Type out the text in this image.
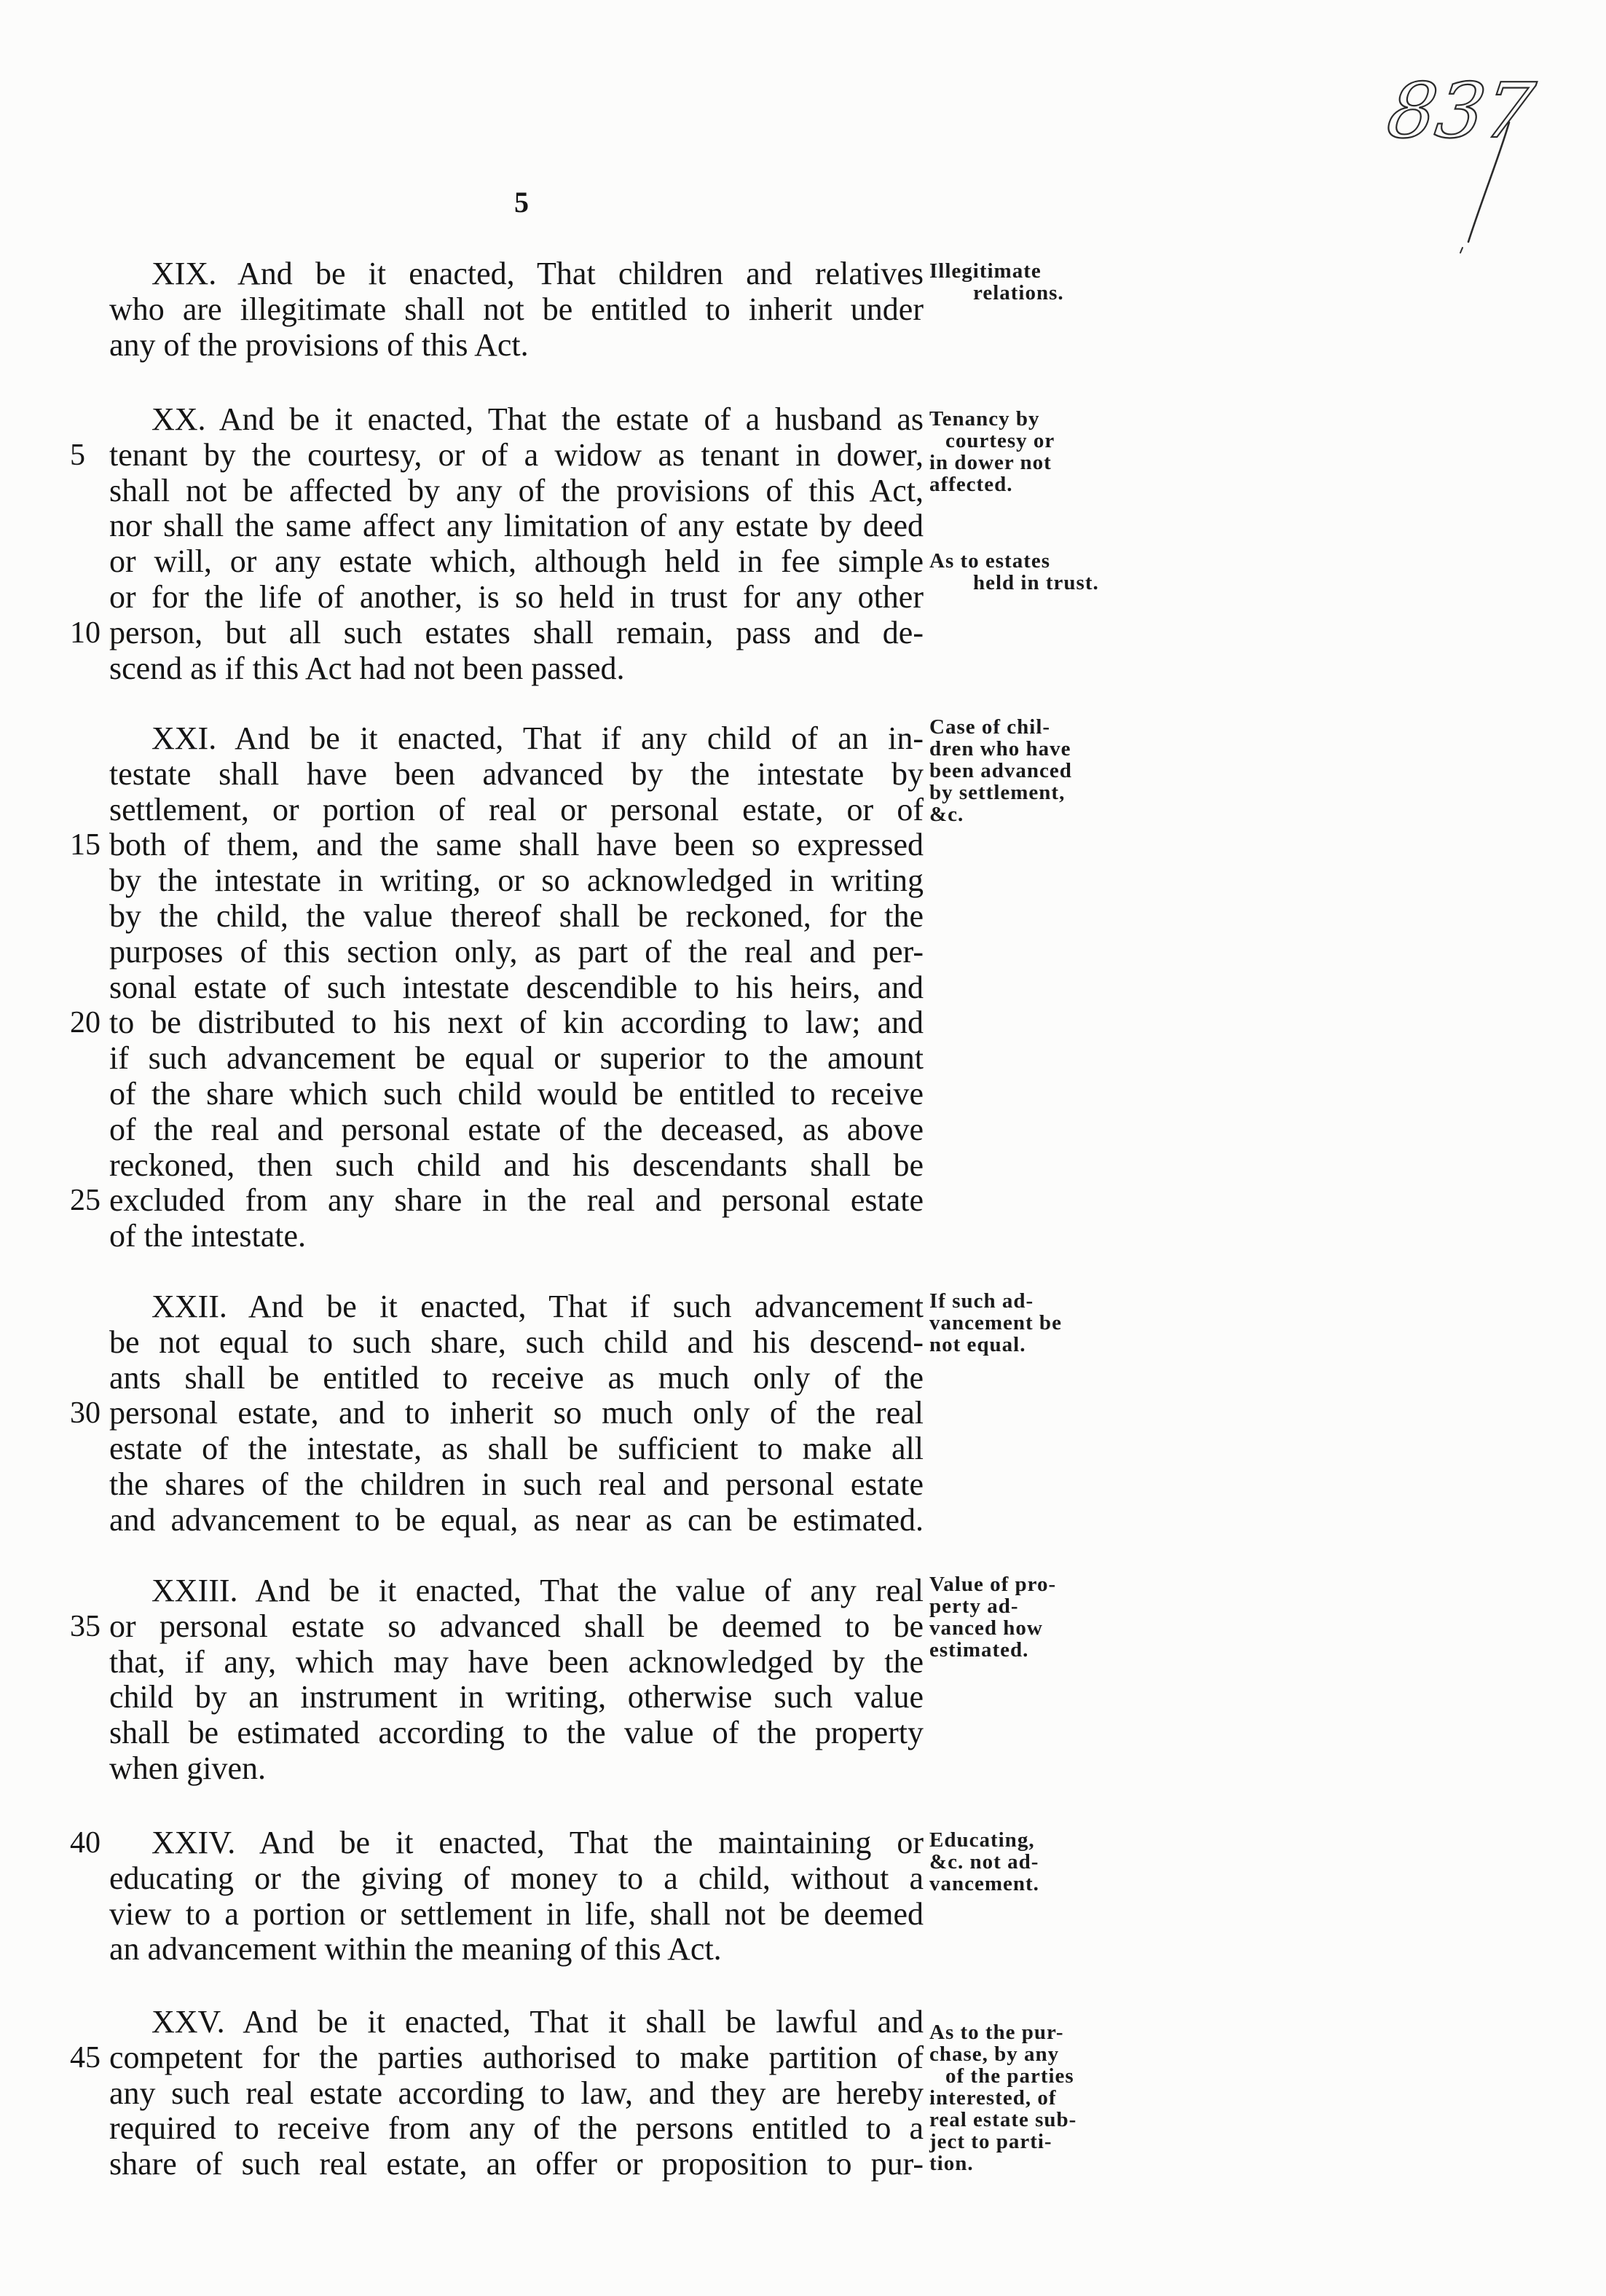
5
837
5
10
15
20
25
30
35
40
45
XIX. And be it enacted, That children and relatives
who are illegitimate shall not be entitled to inherit under
any of the provisions of this Act.
Illegitimate
relations.
XX. And be it enacted, That the estate of a husband as
tenant by the courtesy, or of a widow as tenant in dower,
shall not be affected by any of the provisions of this Act,
nor shall the same affect any limitation of any estate by deed
or will, or any estate which, although held in fee simple
or for the life of another, is so held in trust for any other
person, but all such estates shall remain, pass and de-
scend as if this Act had not been passed.
Tenancy by
courtesy or
in dower not
affected.
As to estates
held in trust.
XXI. And be it enacted, That if any child of an in-
testate shall have been advanced by the intestate by
settlement, or portion of real or personal estate, or of
both of them, and the same shall have been so expressed
by the intestate in writing, or so acknowledged in writing
by the child, the value thereof shall be reckoned, for the
purposes of this section only, as part of the real and per-
sonal estate of such intestate descendible to his heirs, and
to be distributed to his next of kin according to law; and
if such advancement be equal or superior to the amount
of the share which such child would be entitled to receive
of the real and personal estate of the deceased, as above
reckoned, then such child and his descendants shall be
excluded from any share in the real and personal estate
of the intestate.
Case of chil-
dren who have
been advanced
by settlement,
&c.
XXII. And be it enacted, That if such advancement
be not equal to such share, such child and his descend-
ants shall be entitled to receive as much only of the
personal estate, and to inherit so much only of the real
estate of the intestate, as shall be sufficient to make all
the shares of the children in such real and personal estate
and advancement to be equal, as near as can be estimated.
If such ad-
vancement be
not equal.
XXIII. And be it enacted, That the value of any real
or personal estate so advanced shall be deemed to be
that, if any, which may have been acknowledged by the
child by an instrument in writing, otherwise such value
shall be estimated according to the value of the property
when given.
Value of pro-
perty ad-
vanced how
estimated.
XXIV. And be it enacted, That the maintaining or
educating or the giving of money to a child, without a
view to a portion or settlement in life, shall not be deemed
an advancement within the meaning of this Act.
Educating,
&c. not ad-
vancement.
XXV. And be it enacted, That it shall be lawful and
competent for the parties authorised to make partition of
any such real estate according to law, and they are hereby
required to receive from any of the persons entitled to a
share of such real estate, an offer or proposition to pur-
As to the pur-
chase, by any
of the parties
interested, of
real estate sub-
ject to parti-
tion.
